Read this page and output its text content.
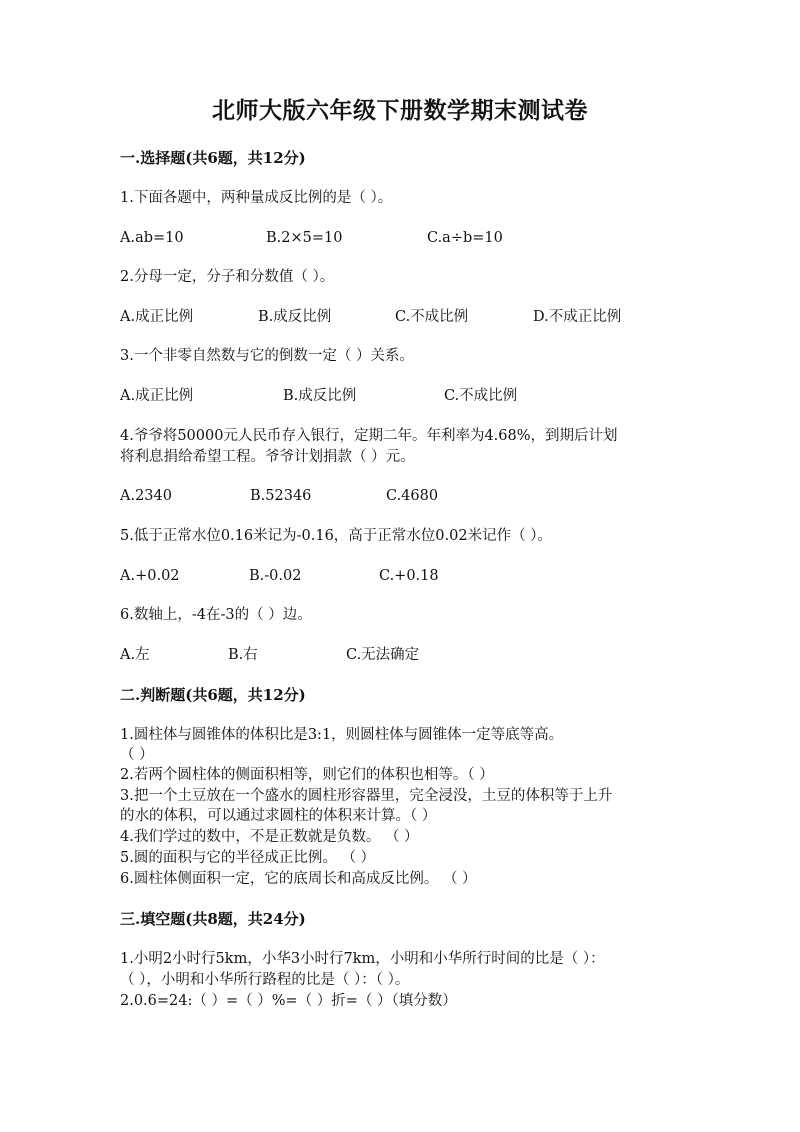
北师大版六年级下册数学期末测试卷
一.选择题(共6题，共12分)
1.下面各题中，两种量成反比例的是（ ）。
A.ab=10	B.2×5=10	C.a÷b=10
2.分母一定，分子和分数值（ ）。
A.成正比例	B.成反比例	C.不成比例	D.不成正比例
3.一个非零自然数与它的倒数一定（ ）关系。
A.成正比例	B.成反比例	C.不成比例
4.爷爷将50000元人民币存入银行，定期二年。年利率为4.68%，到期后计划
将利息捐给希望工程。爷爷计划捐款（ ）元。
A.2340	B.52346	C.4680
5.低于正常水位0.16米记为-0.16，高于正常水位0.02米记作（ ）。
A.+0.02	B.-0.02	C.+0.18
6.数轴上，-4在-3的（ ）边。
A.左	B.右	C.无法确定
二.判断题(共6题，共12分)
1.圆柱体与圆锥体的体积比是3:1，则圆柱体与圆锥体一定等底等高。
（ ）
2.若两个圆柱体的侧面积相等，则它们的体积也相等。（ ）
3.把一个土豆放在一个盛水的圆柱形容器里，完全浸没，土豆的体积等于上升
的水的体积，可以通过求圆柱的体积来计算。（ ）
4.我们学过的数中，不是正数就是负数。 （ ）
5.圆的面积与它的半径成正比例。 （ ）
6.圆柱体侧面积一定，它的底周长和高成反比例。 （ ）
三.填空题(共8题，共24分)
1.小明2小时行5km，小华3小时行7km，小明和小华所行时间的比是（ ）：
（ ），小明和小华所行路程的比是（ ）：（ ）。
2.0.6=24:（ ）=（ ）%=（ ）折=（ ）（填分数）
